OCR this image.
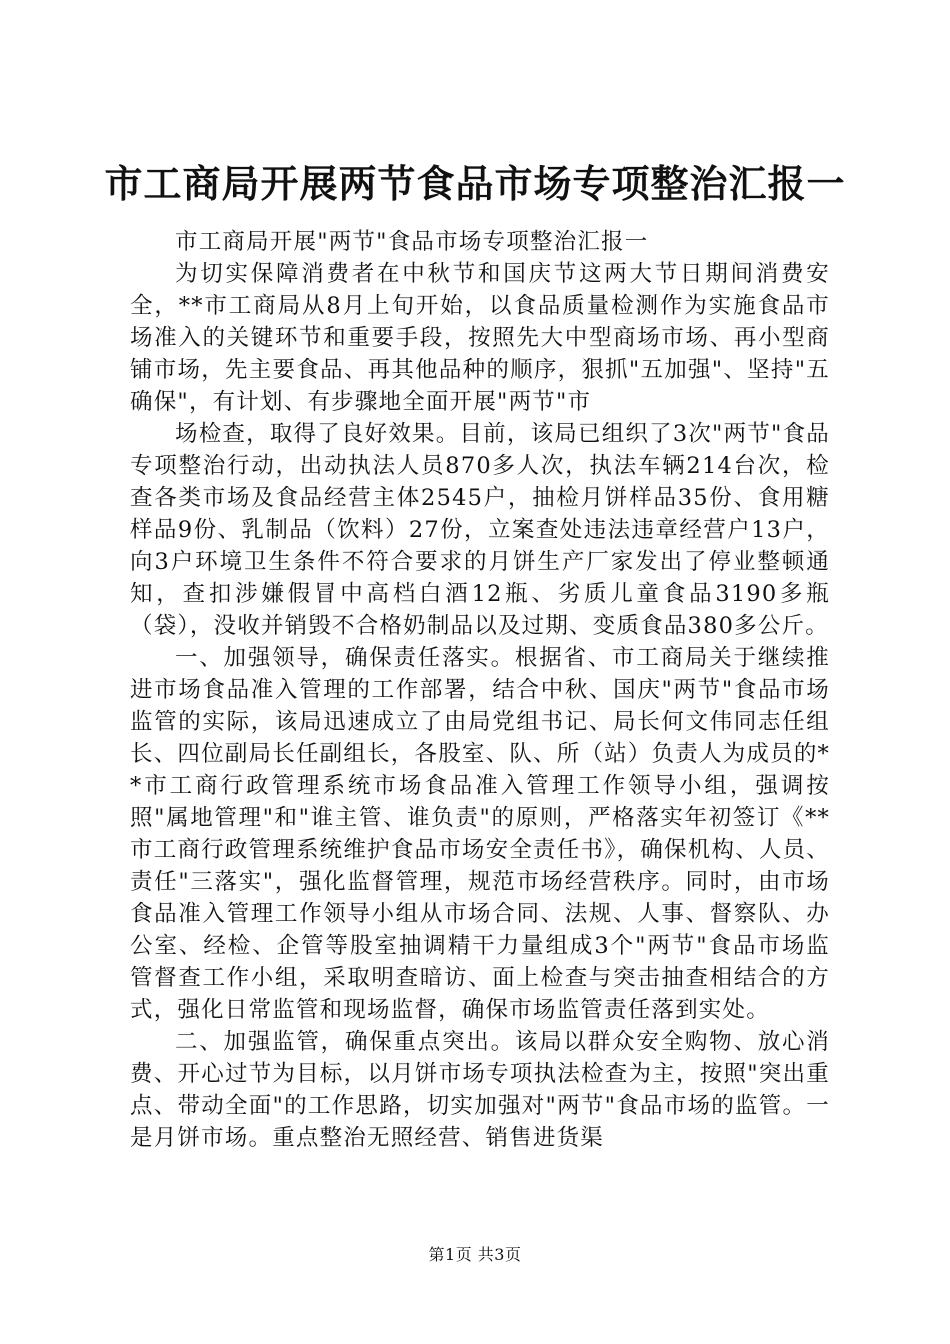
市工商局开展两节食品市场专项整治汇报一

市工商局开展"两节"食品市场专项整治汇报一

为切实保障消费者在中秋节和国庆节这两大节日期间消费安全，**市工商局从8月上旬开始，以食品质量检测作为实施食品市场准入的关键环节和重要手段，按照先大中型商场市场、再小型商铺市场，先主要食品、再其他品种的顺序，狠抓"五加强"、坚持"五确保"，有计划、有步骤地全面开展"两节"市

场检查，取得了良好效果。目前，该局已组织了3次"两节"食品专项整治行动，出动执法人员870多人次，执法车辆214台次，检查各类市场及食品经营主体2545户，抽检月饼样品35份、食用糖样品9份、乳制品（饮料）27份，立案查处违法违章经营户13户，向3户环境卫生条件不符合要求的月饼生产厂家发出了停业整顿通知，查扣涉嫌假冒中高档白酒12瓶、劣质儿童食品3190多瓶（袋），没收并销毁不合格奶制品以及过期、变质食品380多公斤。

一、加强领导，确保责任落实。根据省、市工商局关于继续推进市场食品准入管理的工作部署，结合中秋、国庆"两节"食品市场监管的实际，该局迅速成立了由局党组书记、局长何文伟同志任组长、四位副局长任副组长，各股室、队、所（站）负责人为成员的**市工商行政管理系统市场食品准入管理工作领导小组，强调按照"属地管理"和"谁主管、谁负责"的原则，严格落实年初签订《**市工商行政管理系统维护食品市场安全责任书》，确保机构、人员、责任"三落实"，强化监督管理，规范市场经营秩序。同时，由市场食品准入管理工作领导小组从市场合同、法规、人事、督察队、办公室、经检、企管等股室抽调精干力量组成3个"两节"食品市场监管督查工作小组，采取明查暗访、面上检查与突击抽查相结合的方式，强化日常监管和现场监督，确保市场监管责任落到实处。

二、加强监管，确保重点突出。该局以群众安全购物、放心消费、开心过节为目标，以月饼市场专项执法检查为主，按照"突出重点、带动全面"的工作思路，切实加强对"两节"食品市场的监管。一是月饼市场。重点整治无照经营、销售进货渠

第1页 共3页
